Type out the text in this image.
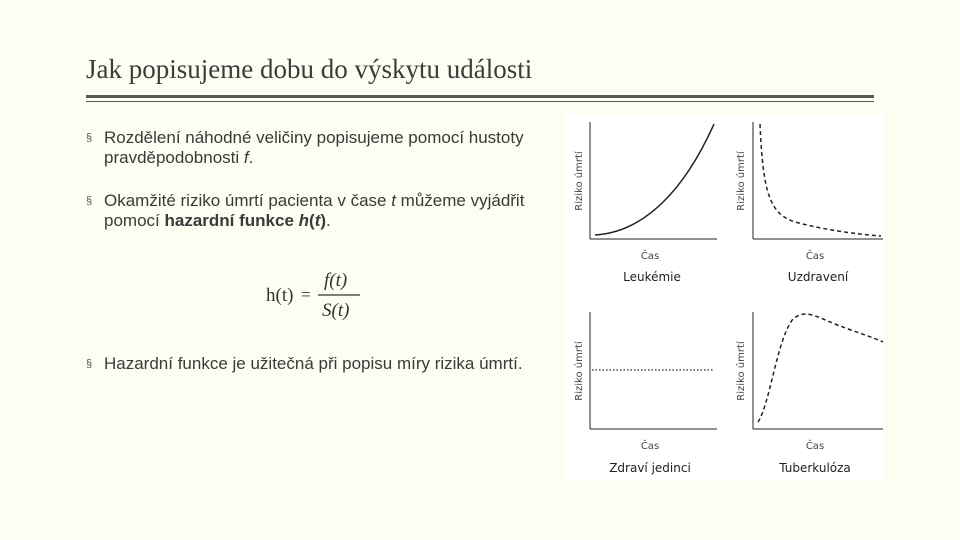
Jak popisujeme dobu do výskytu události
§ Rozdělení náhodné veličiny popisujeme pomocí hustoty pravděpodobnosti f.
§ Okamžité riziko úmrtí pacienta v čase t můžeme vyjádřit pomocí hazardní funkce h(t).
§ Hazardní funkce je užitečná při popisu míry rizika úmrtí.
h(t) =
f(t)
S(t)
Riziko úmrtí
Čas
Leukémie
Riziko úmrtí
Čas
Uzdravení
Riziko úmrtí
Čas
Zdraví jedinci
Riziko úmrtí
Čas
Tuberkulóza
